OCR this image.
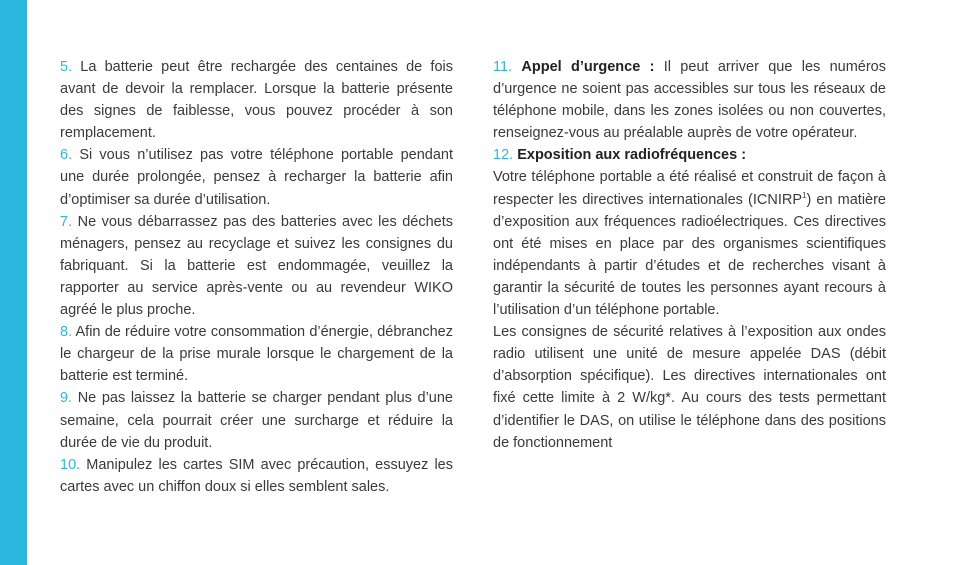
5. La batterie peut être rechargée des centaines de fois avant de devoir la remplacer. Lorsque la batterie présente des signes de faiblesse, vous pouvez procéder à son remplacement.

6. Si vous n’utilisez pas votre téléphone portable pendant une durée prolongée, pensez à recharger la batterie afin d’optimiser sa durée d’utilisation.

7. Ne vous débarrassez pas des batteries avec les déchets ménagers, pensez au recyclage et suivez les consignes du fabriquant. Si la batterie est endommagée, veuillez la rapporter au service après-vente ou au revendeur WIKO agréé le plus proche.

8. Afin de réduire votre consommation d’énergie, débranchez le chargeur de la prise murale lorsque le chargement de la batterie est terminé.

9. Ne pas laissez la batterie se charger pendant plus d’une semaine, cela pourrait créer une surcharge et réduire la durée de vie du produit.

10. Manipulez les cartes SIM avec précaution, essuyez les cartes avec un chiffon doux si elles semblent sales.

11. Appel d’urgence : Il peut arriver que les numéros d’urgence ne soient pas accessibles sur tous les réseaux de téléphone mobile, dans les zones isolées ou non couvertes, renseignez-vous au préalable auprès de votre opérateur.

12. Exposition aux radiofréquences :

Votre téléphone portable a été réalisé et construit de façon à respecter les directives internationales (ICNIRP$^1$) en matière d’exposition aux fréquences radioélectriques. Ces directives ont été mises en place par des organismes scientifiques indépendants à partir d’études et de recherches visant à garantir la sécurité de toutes les personnes ayant recours à l’utilisation d’un téléphone portable.

Les consignes de sécurité relatives à l’exposition aux ondes radio utilisent une unité de mesure appelée DAS (débit d’absorption spécifique). Les directives internationales ont fixé cette limite à 2 W/kg*. Au cours des tests permettant d’identifier le DAS, on utilise le téléphone dans des positions de fonctionnement
